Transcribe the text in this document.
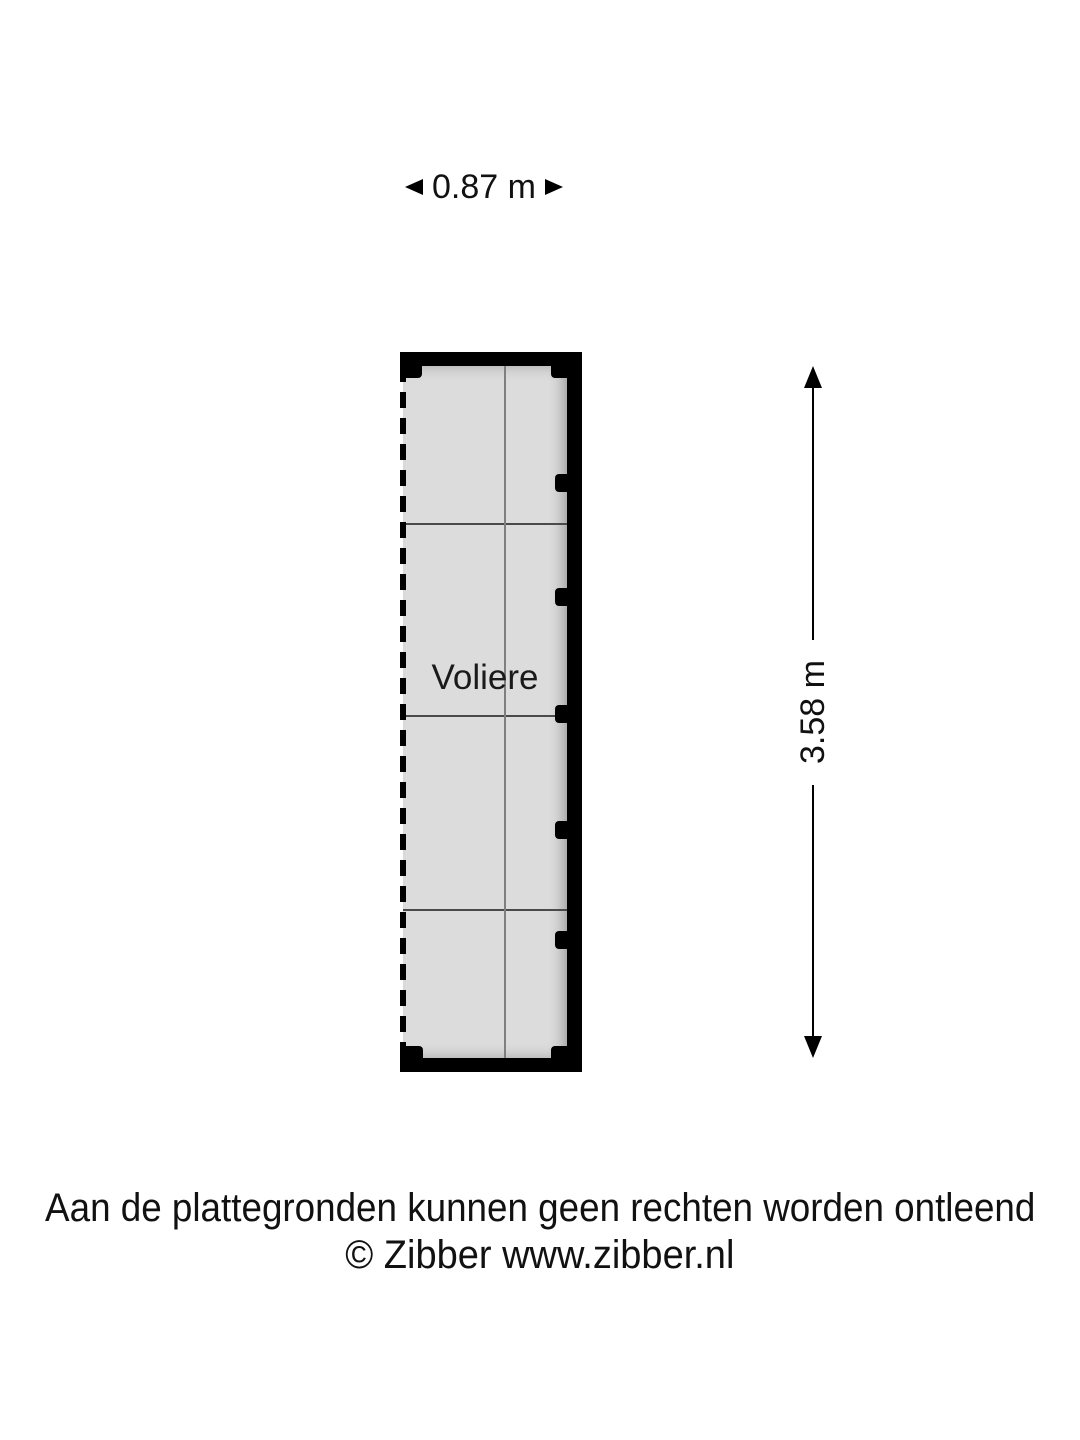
0.87 m
Voliere	3.58 m
Aan de plattegronden kunnen geen rechten worden ontleend
© Zibber www.zibber.nl
